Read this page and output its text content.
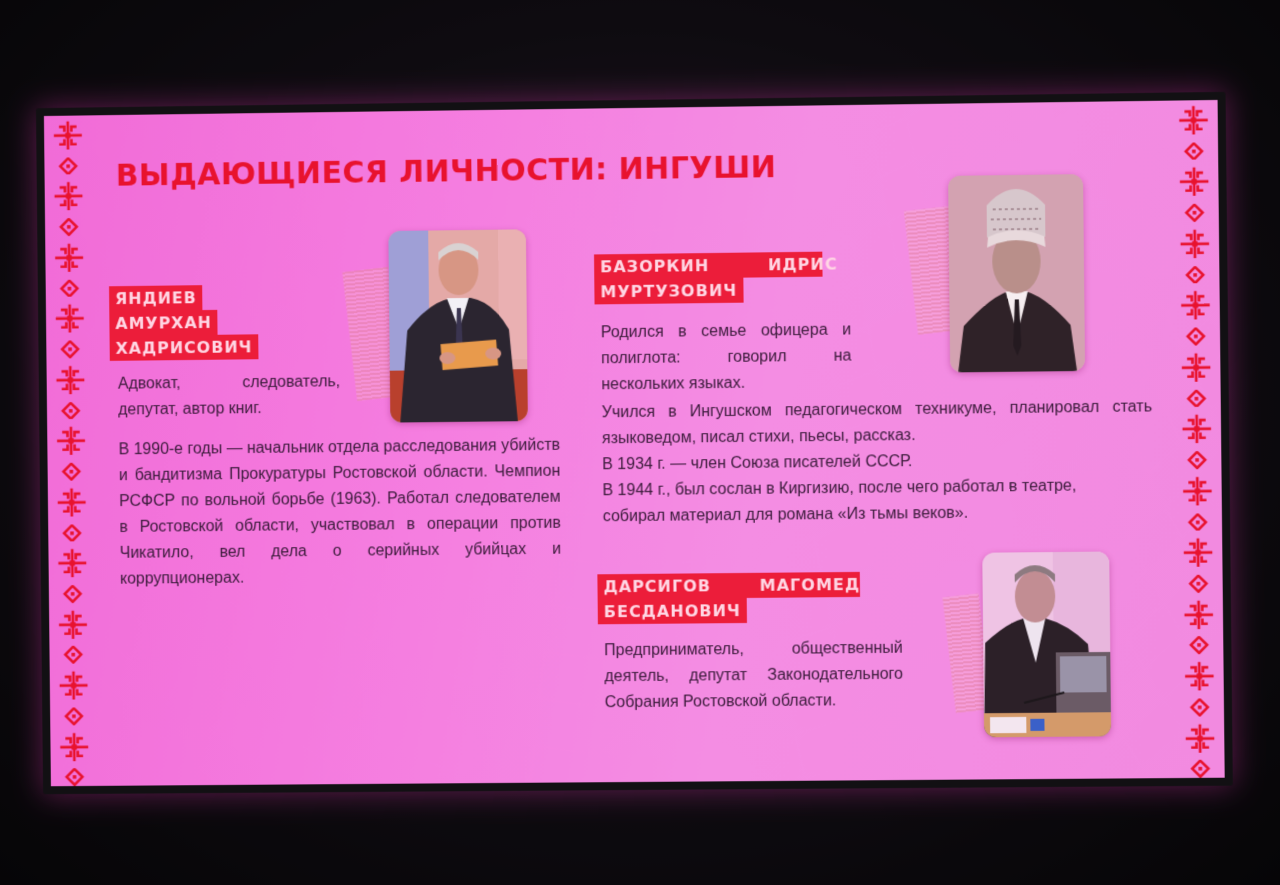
ВЫДАЮЩИЕСЯ ЛИЧНОСТИ: ИНГУШИ
ЯНДИЕВ
АМУРХАН
ХАДРИСОВИЧ
Адвокат, следователь, депутат, автор книг.
В 1990-е годы — начальник отдела расследования убийств и бандитизма Прокуратуры Ростовской области. Чемпион РСФСР по вольной борьбе (1963). Работал следователем в Ростовской области, участвовал в операции против Чикатило, вел дела о серийных убийцах и коррупционерах.
БАЗОРКИН ИДРИС
МУРТУЗОВИЧ
Родился в семье офицера и полиглота: говорил на нескольких языках.
Учился в Ингушском педагогическом техникуме, планировал стать языковедом, писал стихи, пьесы, рассказ.
В 1934 г. — член Союза писателей СССР.
В 1944 г., был сослан в Киргизию, после чего работал в театре, собирал материал для романа «Из тьмы веков».
ДАРСИГОВ МАГОМЕД
БЕСДАНОВИЧ
Предприниматель, общественный деятель, депутат Законодательного Собрания Ростовской области.
